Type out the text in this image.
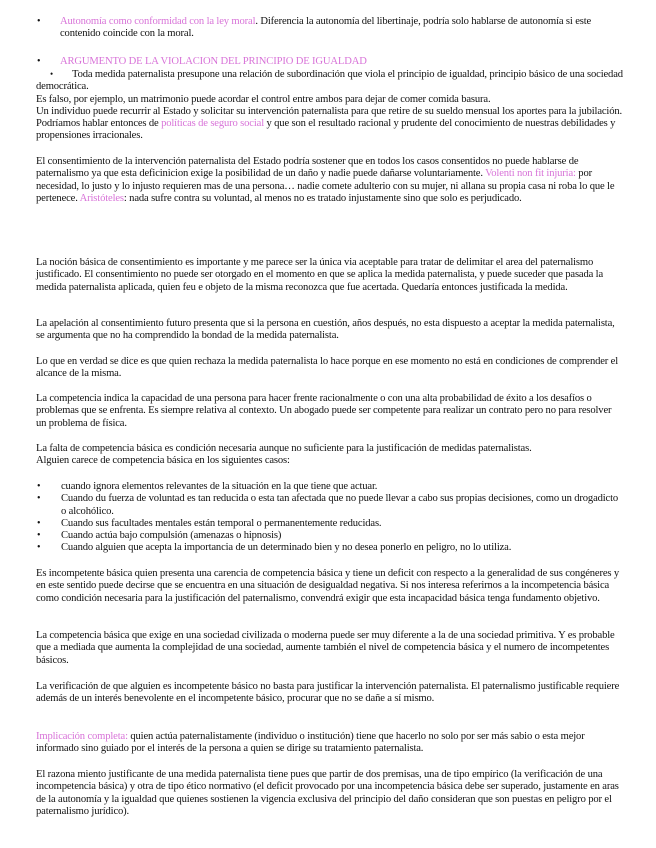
• Autonomía como conformidad con la ley moral. Diferencia la autonomía del libertinaje, podría solo hablarse de autonomía si este contenido coincide con la moral.

• ARGUMENTO DE LA VIOLACION DEL PRINCIPIO DE IGUALDAD

• Toda medida paternalista presupone una relación de subordinación que viola el principio de igualdad, principio básico de una sociedad democrática.
Es falso, por ejemplo, un matrimonio puede acordar el control entre ambos para dejar de comer comida basura.
Un individuo puede recurrir al Estado y solicitar su intervención paternalista para que retire de su sueldo mensual los aportes para la jubilación. Podríamos hablar entonces de políticas de seguro social y que son el resultado racional y prudente del conocimiento de nuestras debilidades y propensiones irracionales.

El consentimiento de la intervención paternalista del Estado podría sostener que en todos los casos consentidos no puede hablarse de paternalismo ya que esta deficinicion exige la posibilidad de un daño y nadie puede dañarse voluntariamente. Volenti non fit injuria: por necesidad, lo justo y lo injusto requieren mas de una persona… nadie comete adulterio con su mujer, ni allana su propia casa ni roba lo que le pertenece. Aristóteles: nada sufre contra su voluntad, al menos no es tratado injustamente sino que solo es perjudicado.

La noción básica de consentimiento es importante y me parece ser la única via aceptable para tratar de delimitar el area del paternalismo justificado. El consentimiento no puede ser otorgado en el momento en que se aplica la medida paternalista, y puede suceder que pasada la medida paternalista aplicada, quien feu e objeto de la misma reconozca que fue acertada. Quedaría entonces justificada la medida.

La apelación al consentimiento futuro presenta que si la persona en cuestión, años después, no esta dispuesto a aceptar la medida paternalista, se argumenta que no ha comprendido la bondad de la medida paternalista.

Lo que en verdad se dice es que quien rechaza la medida paternalista lo hace porque en ese momento no está en condiciones de comprender el alcance de la misma.

La competencia indica la capacidad de una persona para hacer frente racionalmente o con una alta probabilidad de éxito a los desafíos o problemas que se enfrenta. Es siempre relativa al contexto. Un abogado puede ser competente para realizar un contrato pero no para resolver un problema de física.

La falta de competencia básica es condición necesaria aunque no suficiente para la justificación de medidas paternalistas.
Alguien carece de competencia básica en los siguientes casos:

• cuando ignora elementos relevantes de la situación en la que tiene que actuar.
• Cuando du fuerza de voluntad es tan reducida o esta tan afectada que no puede llevar a cabo sus propias decisiones, como un drogadicto o alcohólico.
• Cuando sus facultades mentales están temporal o permanentemente reducidas.
• Cuando actúa bajo compulsión (amenazas o hipnosis)
• Cuando alguien que acepta la importancia de un determinado bien y no desea ponerlo en peligro, no lo utiliza.

Es incompetente básica quien presenta una carencia de competencia básica y tiene un deficit con respecto a la generalidad de sus congéneres y en este sentido puede decirse que se encuentra en una situación de desigualdad negativa. Si nos interesa referirnos a la incompetencia básica como condición necesaria para la justificación del paternalismo, convendrá exigir que esta incapacidad básica tenga fundamento objetivo.

La competencia básica que exige en una sociedad civilizada o moderna puede ser muy diferente a la de una sociedad primitiva. Y es probable que a mediada que aumenta la complejidad de una sociedad, aumente también el nivel de competencia básica y el numero de incompetentes básicos.

La verificación de que alguien es incompetente básico no basta para justificar la intervención paternalista. El paternalismo justificable requiere además de un interés benevolente en el incompetente básico, procurar que no se dañe a sí mismo.

Implicación completa: quien actúa paternalistamente (individuo o institución) tiene que hacerlo no solo por ser más sabio o esta mejor informado sino guiado por el interés de la persona a quien se dirige su tratamiento paternalista.

El razona miento justificante de una medida paternalista tiene pues que partir de dos premisas, una de tipo empírico (la verificación de una incompetencia básica) y otra de tipo ético normativo (el deficit provocado por una incompetencia básica debe ser superado, justamente en aras de la autonomía y la igualdad que quienes sostienen la vigencia exclusiva del principio del daño consideran que son puestas en peligro por el paternalismo jurídico).
